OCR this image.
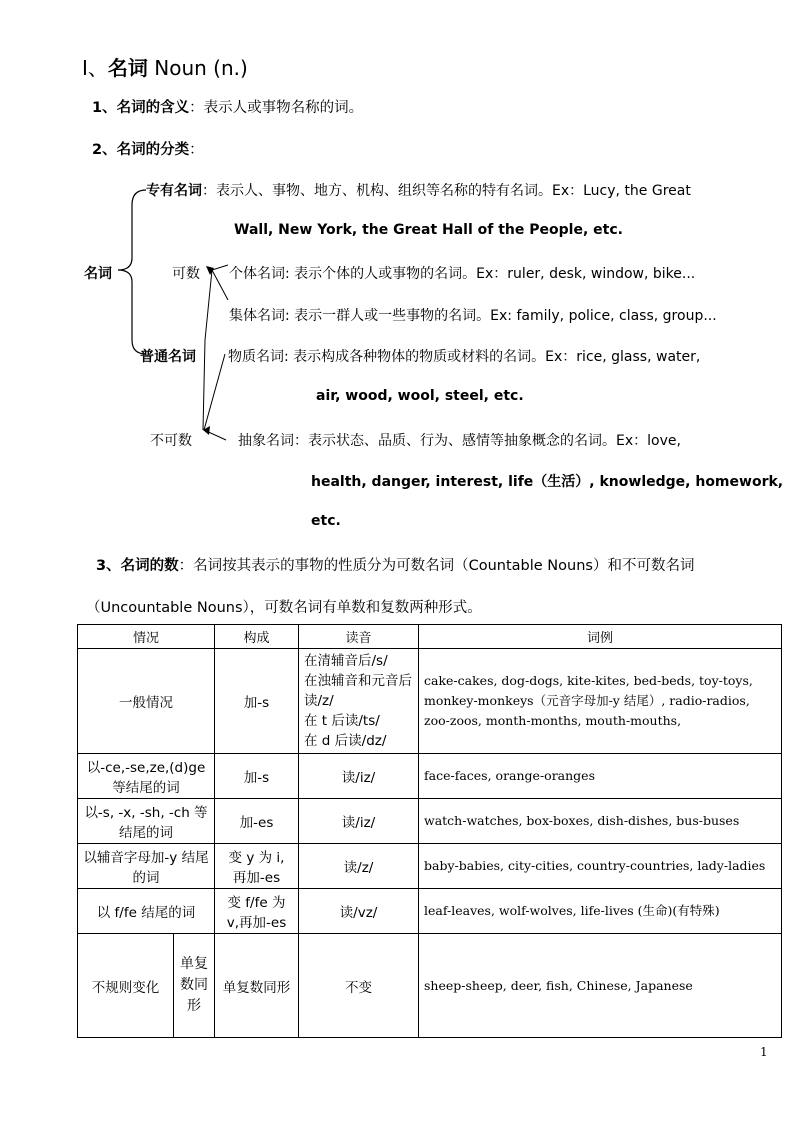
I、名词 Noun (n.)
1、名词的含义：表示人或事物名称的词。
2、名词的分类：
专有名词：表示人、事物、地方、机构、组织等名称的特有名词。Ex：Lucy, the Great
Wall, New York, the Great Hall of the People, etc.
名词	可数 个体名词: 表示个体的人或事物的名词。Ex：ruler, desk, window, bike...
集体名词: 表示一群人或一些事物的名词。Ex: family, police, class, group...
普通名词 物质名词: 表示构成各种物体的物质或材料的名词。Ex：rice, glass, water,
air, wood, wool, steel, etc.
不可数	抽象名词：表示状态、品质、行为、感情等抽象概念的名词。Ex：love,
health, danger, interest, life（生活）, knowledge, homework,
etc.
3、名词的数：名词按其表示的事物的性质分为可数名词（Countable Nouns）和不可数名词
（Uncountable Nouns），可数名词有单数和复数两种形式。
情况		构成	读音	词例
一般情况		加-s	在清辅音后/s/
在浊辅音和元音后读/z/
在 t 后读/ts/
在 d 后读/dz/	cake-cakes, dog-dogs, kite-kites, bed-beds, toy-toys, monkey-monkeys（元音字母加-y 结尾）, radio-radios, zoo-zoos, month-months, mouth-mouths,
以-ce,-se,ze,(d)ge 等结尾的词		加-s	读/iz/	face-faces, orange-oranges
以-s, -x, -sh, -ch 等结尾的词		加-es	读/iz/	watch-watches, box-boxes, dish-dishes, bus-buses
以辅音字母加-y 结尾的词		变 y 为 i, 再加-es	读/z/	baby-babies, city-cities, country-countries, lady-ladies
以 f/fe 结尾的词		变 f/fe 为 v,再加-es	读/vz/	leaf-leaves, wolf-wolves, life-lives (生命)(有特殊)
不规则变化	单复数同形	单复数同形	不变	sheep-sheep, deer, fish, Chinese, Japanese
1
